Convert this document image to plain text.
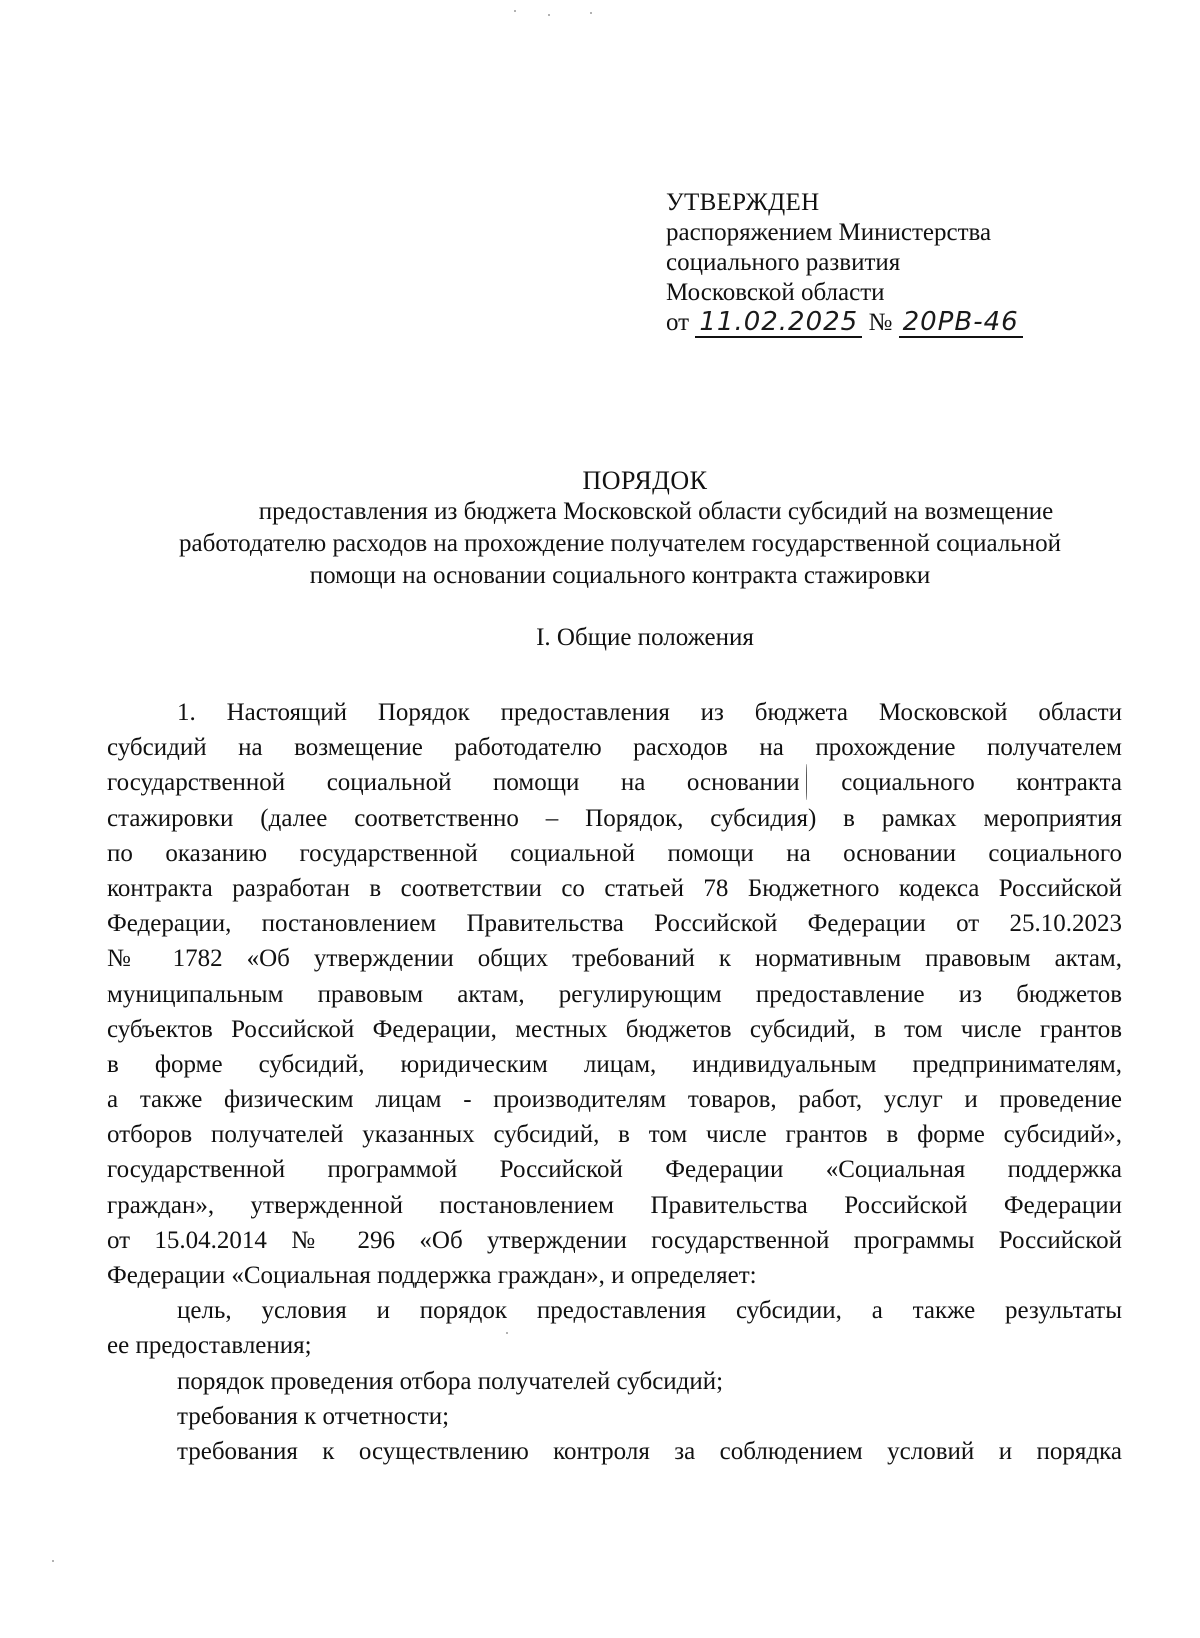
УТВЕРЖДЕН
распоряжением Министерства
социального развития
Московской области
от 11.02.2025 № 20РВ-46
ПОРЯДОК
предоставления из бюджета Московской области субсидий на возмещение
работодателю расходов на прохождение получателем государственной социальной
помощи на основании социального контракта стажировки
I. Общие положения
1. Настоящий Порядок предоставления из бюджета Московской области
субсидий на возмещение работодателю расходов на прохождение получателем
государственной социальной помощи на основании социального контракта
стажировки (далее соответственно – Порядок, субсидия) в рамках мероприятия
по оказанию государственной социальной помощи на основании социального
контракта разработан в соответствии со статьей 78 Бюджетного кодекса Российской
Федерации, постановлением Правительства Российской Федерации от 25.10.2023
№ 1782 «Об утверждении общих требований к нормативным правовым актам,
муниципальным правовым актам, регулирующим предоставление из бюджетов
субъектов Российской Федерации, местных бюджетов субсидий, в том числе грантов
в форме субсидий, юридическим лицам, индивидуальным предпринимателям,
а также физическим лицам - производителям товаров, работ, услуг и проведение
отборов получателей указанных субсидий, в том числе грантов в форме субсидий»,
государственной программой Российской Федерации «Социальная поддержка
граждан», утвержденной постановлением Правительства Российской Федерации
от 15.04.2014 № 296 «Об утверждении государственной программы Российской
Федерации «Социальная поддержка граждан», и определяет:
цель, условия и порядок предоставления субсидии, а также результаты
ее предоставления;
порядок проведения отбора получателей субсидий;
требования к отчетности;
требования к осуществлению контроля за соблюдением условий и порядка
